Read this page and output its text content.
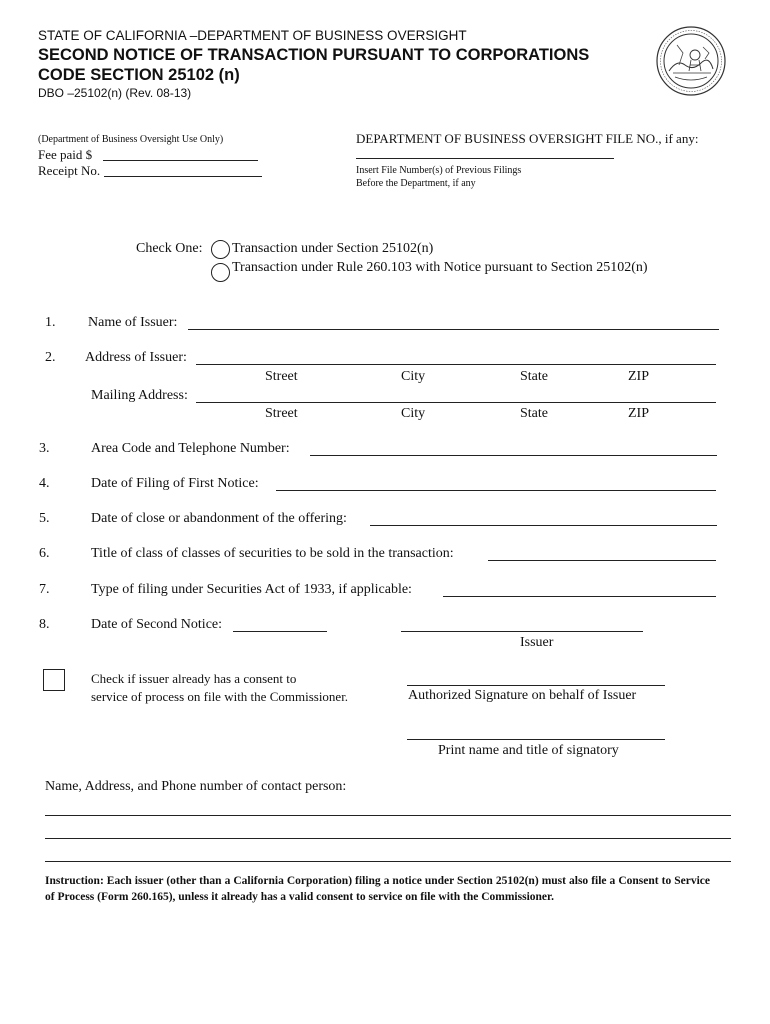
STATE OF CALIFORNIA –DEPARTMENT OF BUSINESS OVERSIGHT
SECOND NOTICE OF TRANSACTION PURSUANT TO CORPORATIONS
CODE SECTION 25102 (n)
DBO –25102(n) (Rev. 08-13)
(Department of Business Oversight Use Only)
Fee paid $
Receipt No.
DEPARTMENT OF BUSINESS OVERSIGHT FILE NO., if any:
Insert File Number(s) of Previous Filings
Before the Department, if any
Check One: Transaction under Section 25102(n)
Transaction under Rule 260.103 with Notice pursuant to Section 25102(n)
1. Name of Issuer:
2. Address of Issuer:
Street	City	State	ZIP
Mailing Address:
Street	City	State	ZIP
3.	Area Code and Telephone Number:
4.	Date of Filing of First Notice:
5.	Date of close or abandonment of the offering:
6.	Title of class of classes of securities to be sold in the transaction:
7.	Type of filing under Securities Act of 1933, if applicable:
8.	Date of Second Notice:
Issuer
Check if issuer already has a consent to
service of process on file with the Commissioner.	Authorized Signature on behalf of Issuer
Print name and title of signatory
Name, Address, and Phone number of contact person:
Instruction: Each issuer (other than a California Corporation) filing a notice under Section 25102(n) must also file a Consent to Service of Process (Form 260.165), unless it already has a valid consent to service on file with the Commissioner.
